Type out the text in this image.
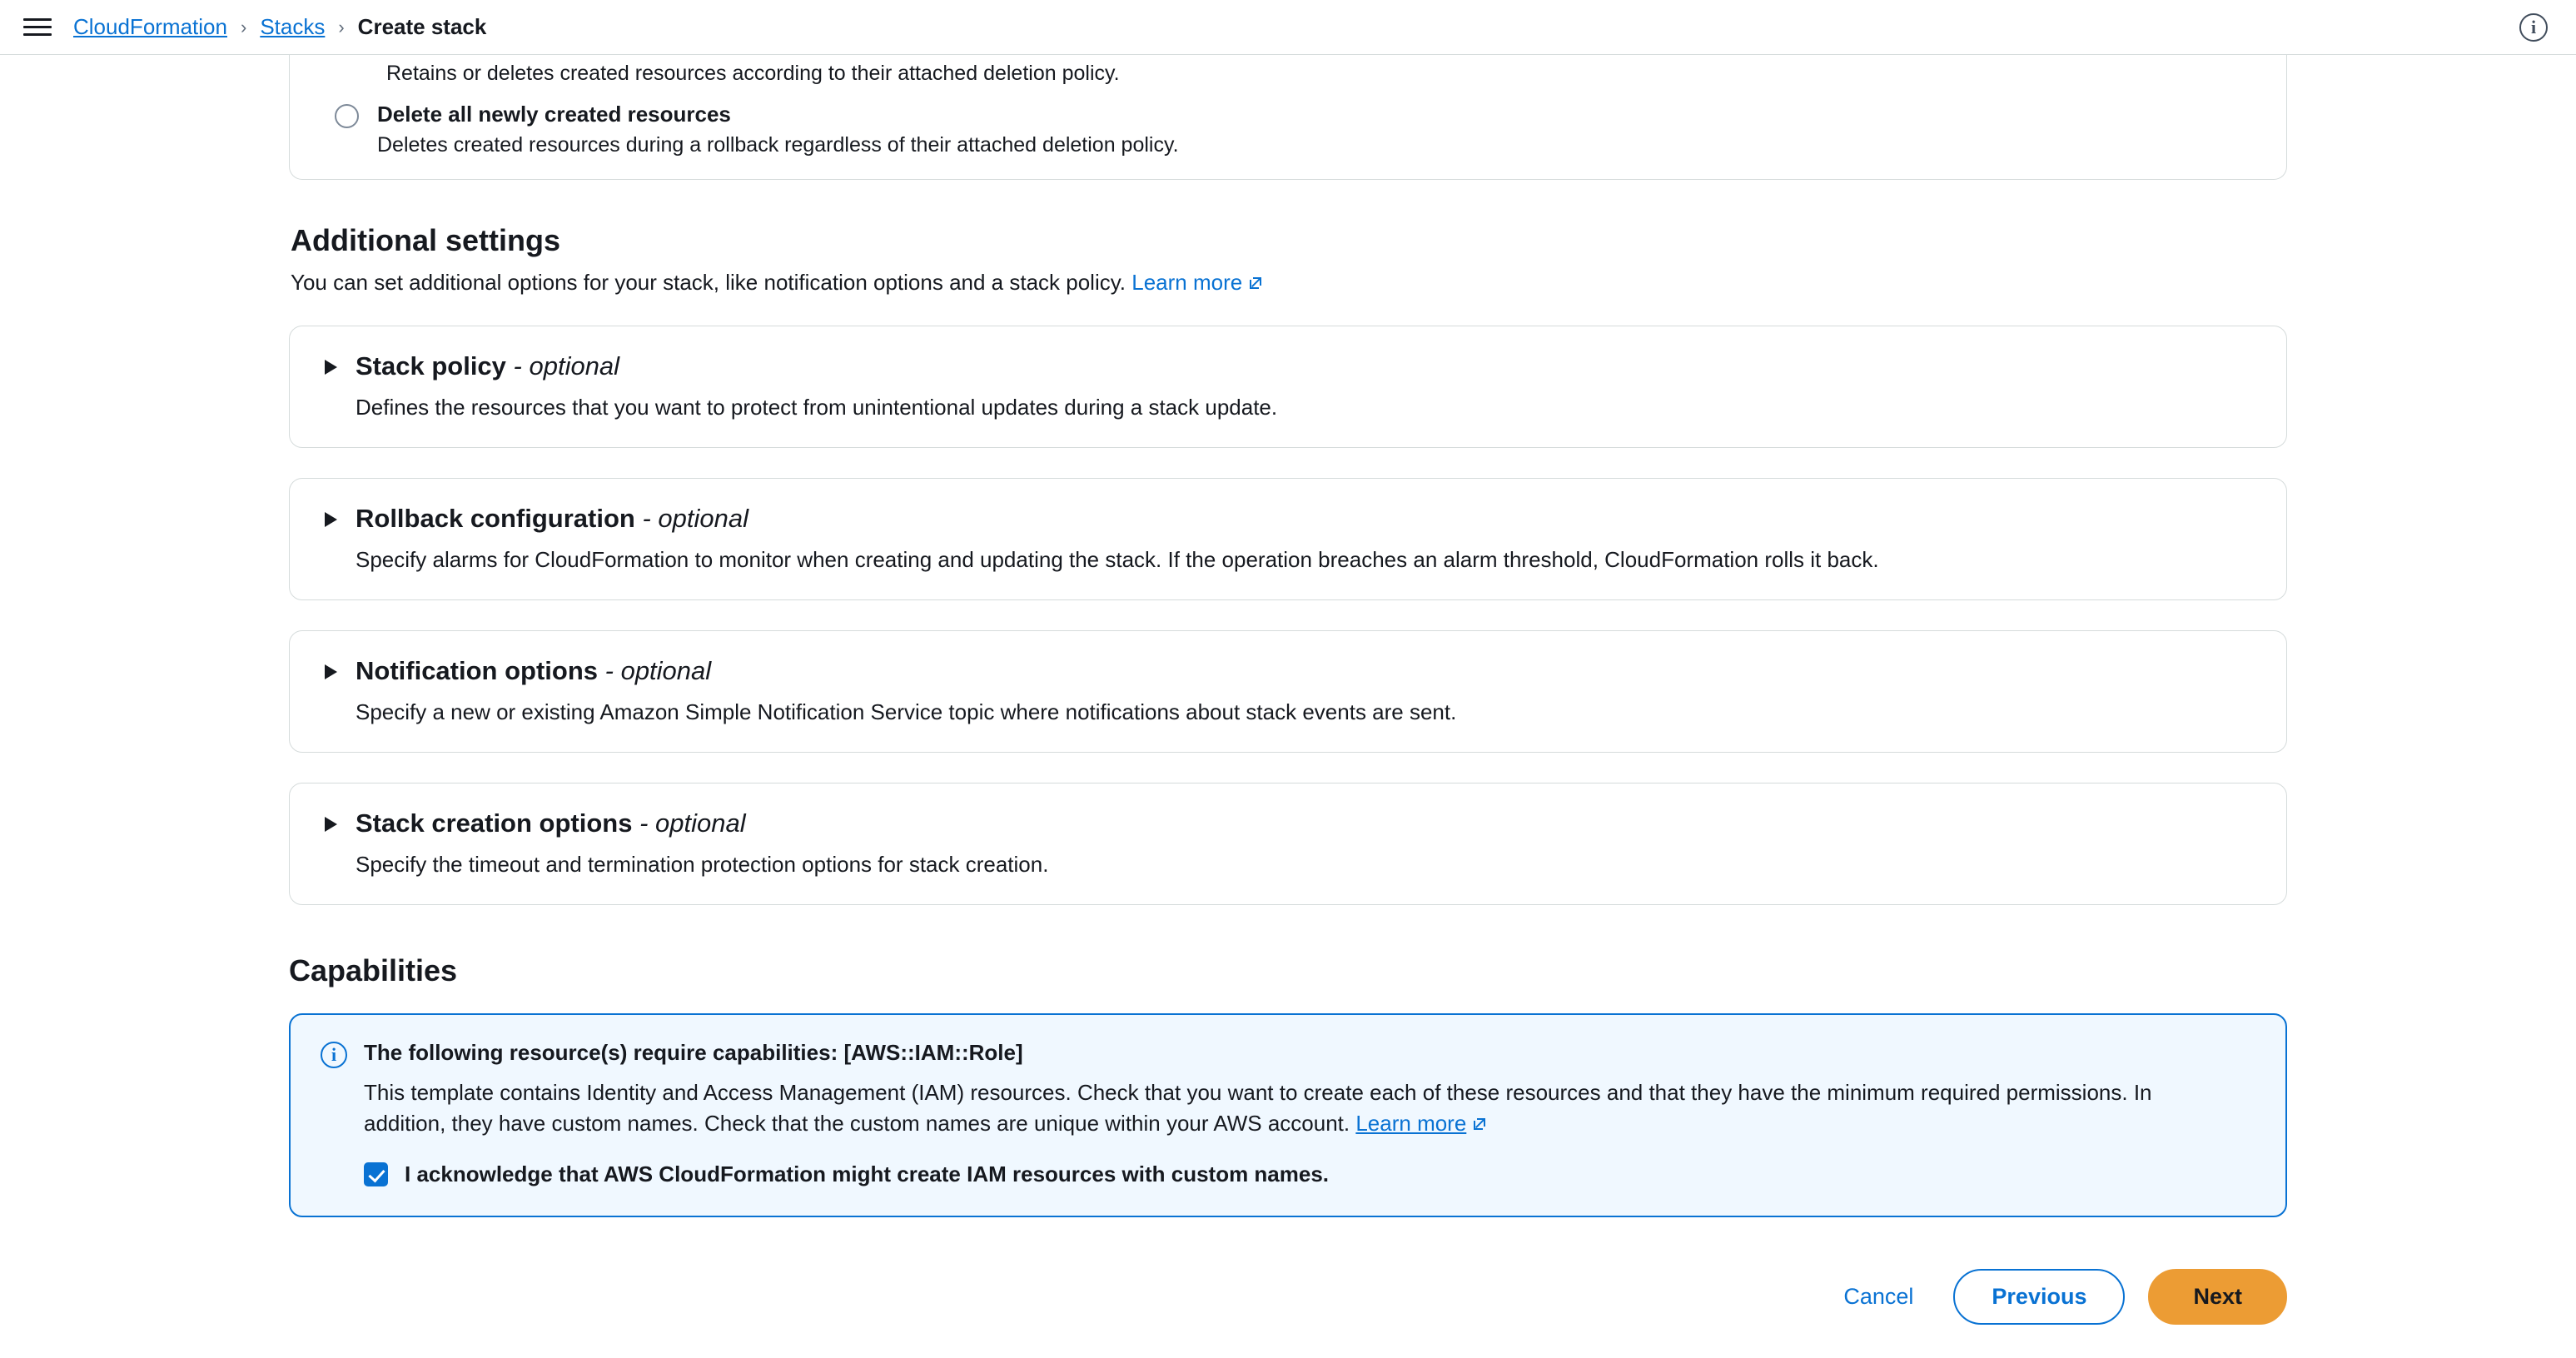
CloudFormation › Stacks › Create stack	i
Retains or deletes created resources according to their attached deletion policy.
Delete all newly created resources
Deletes created resources during a rollback regardless of their attached deletion policy.
Additional settings
You can set additional options for your stack, like notification options and a stack policy. Learn more
Stack policy - optional
Defines the resources that you want to protect from unintentional updates during a stack update.
Rollback configuration - optional
Specify alarms for CloudFormation to monitor when creating and updating the stack. If the operation breaches an alarm threshold, CloudFormation rolls it back.
Notification options - optional
Specify a new or existing Amazon Simple Notification Service topic where notifications about stack events are sent.
Stack creation options - optional
Specify the timeout and termination protection options for stack creation.
Capabilities
i	The following resource(s) require capabilities: [AWS::IAM::Role]
This template contains Identity and Access Management (IAM) resources. Check that you want to create each of these resources and that they have the minimum required permissions. In addition, they have custom names. Check that the custom names are unique within your AWS account. Learn more
I acknowledge that AWS CloudFormation might create IAM resources with custom names.
Cancel	Previous	Next
